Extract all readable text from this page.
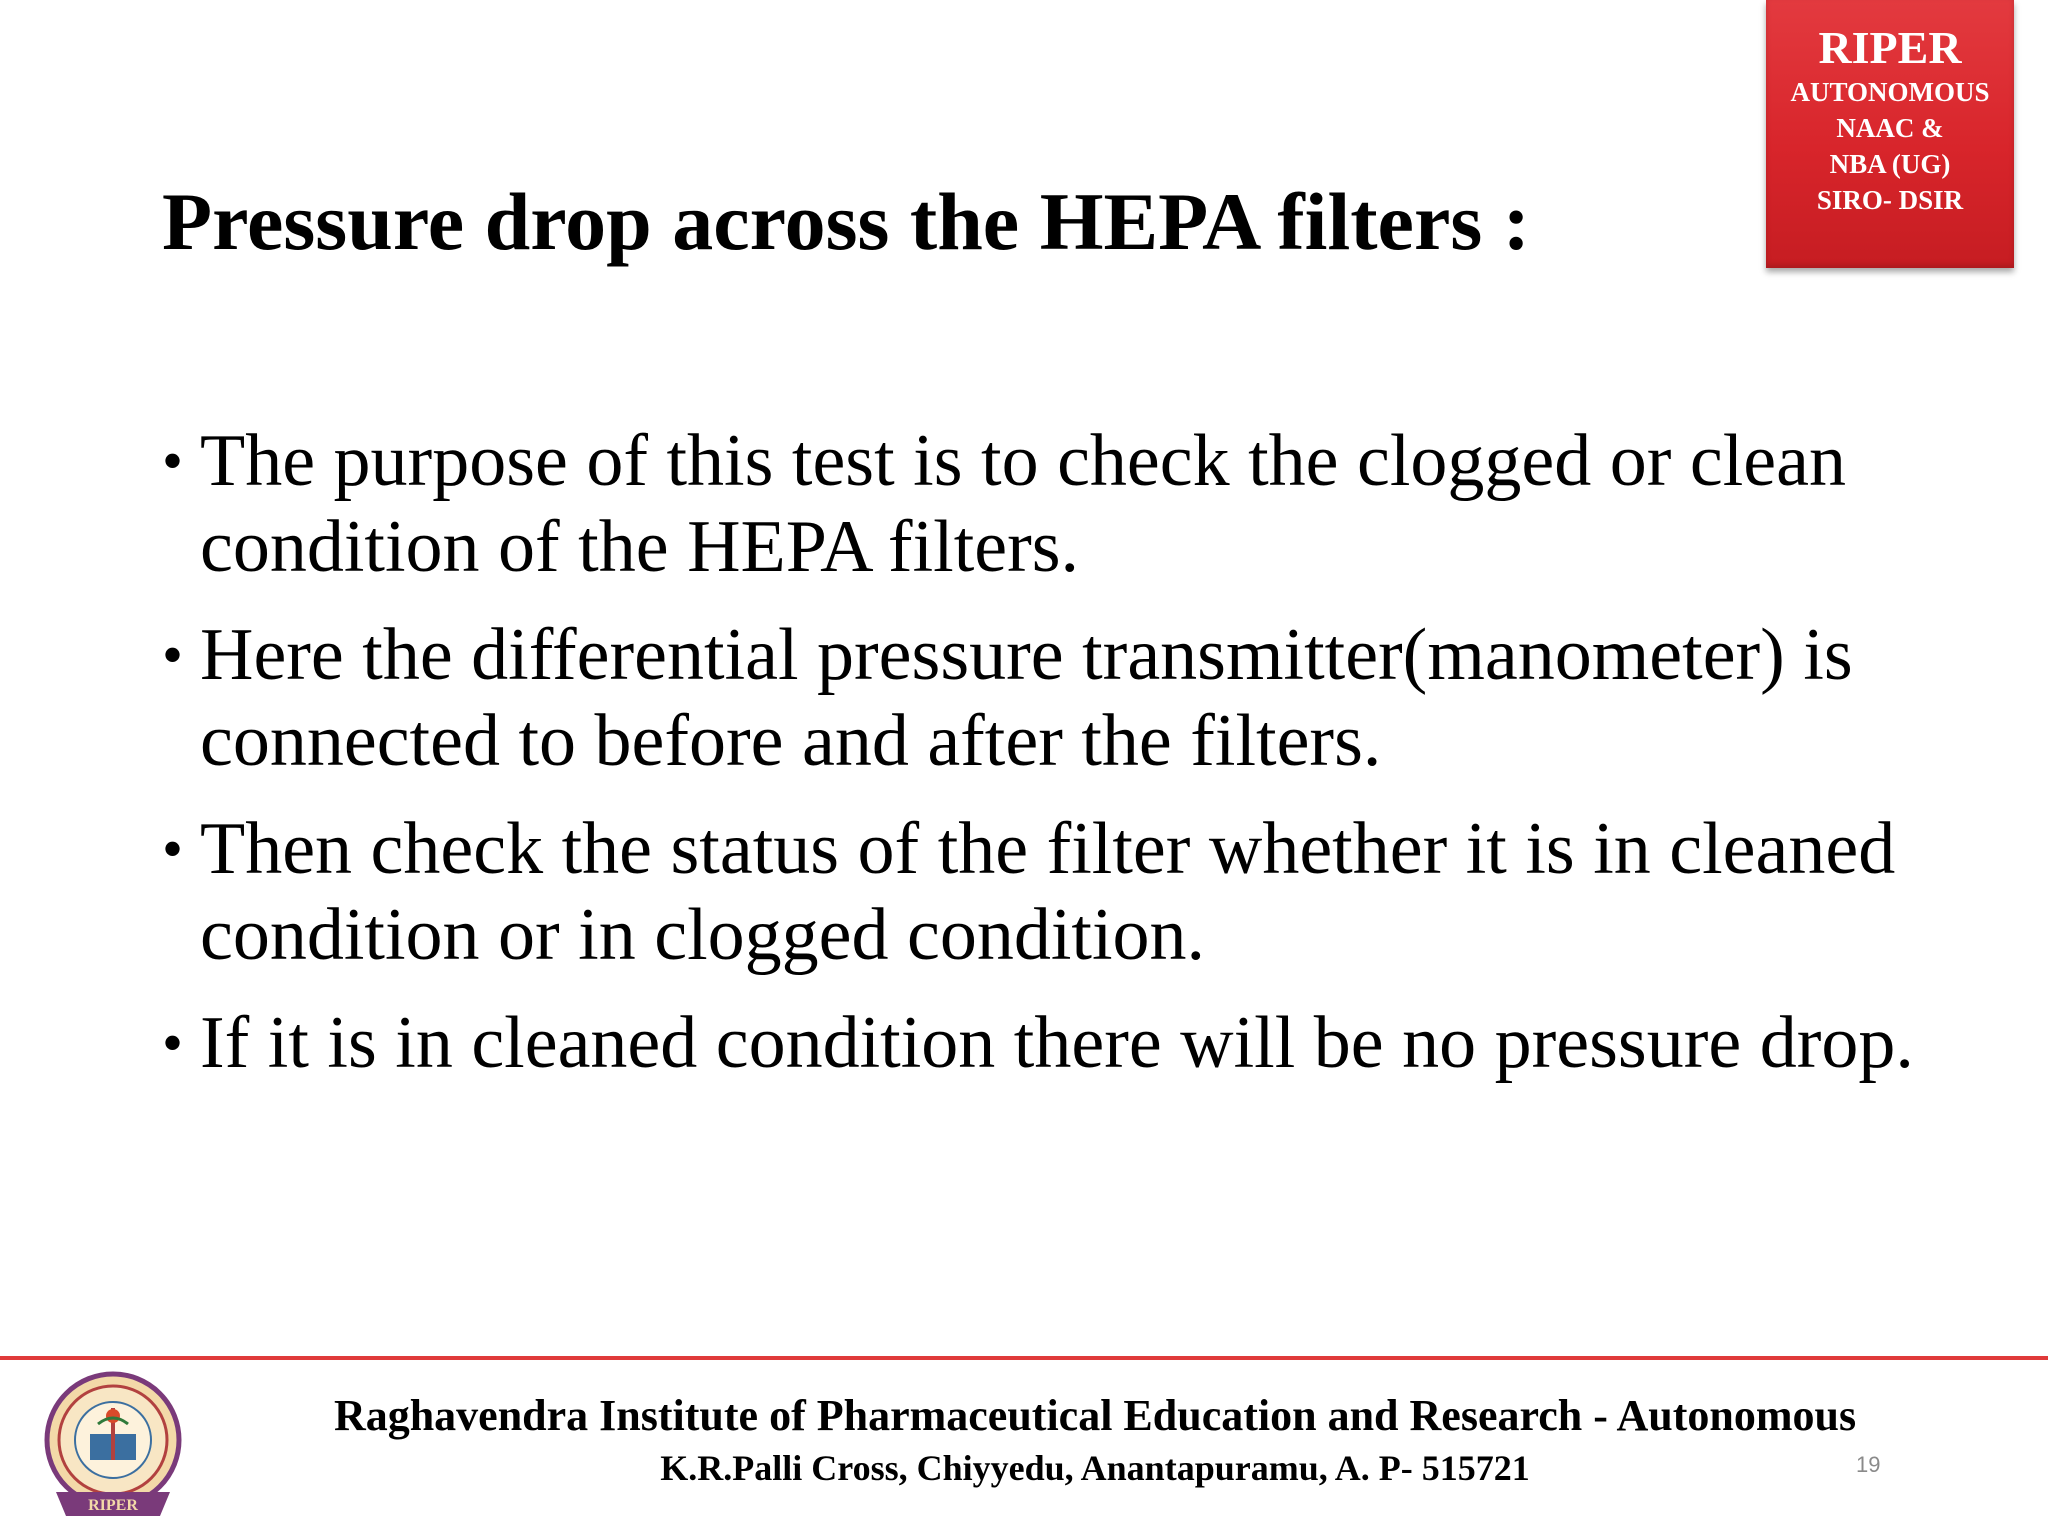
RIPER
AUTONOMOUS
NAAC &
NBA (UG)
SIRO- DSIR
Pressure drop across the HEPA filters :
• The purpose of this test is to check the clogged or clean condition of the HEPA filters.
• Here the differential pressure transmitter(manometer) is connected to before and after the filters.
• Then check the status of the filter whether it is in cleaned condition or in clogged condition.
• If it is in cleaned condition there will be no pressure drop.
RIPER
Raghavendra Institute of Pharmaceutical Education and Research - Autonomous
K.R.Palli Cross, Chiyyedu, Anantapuramu, A. P- 515721	19
